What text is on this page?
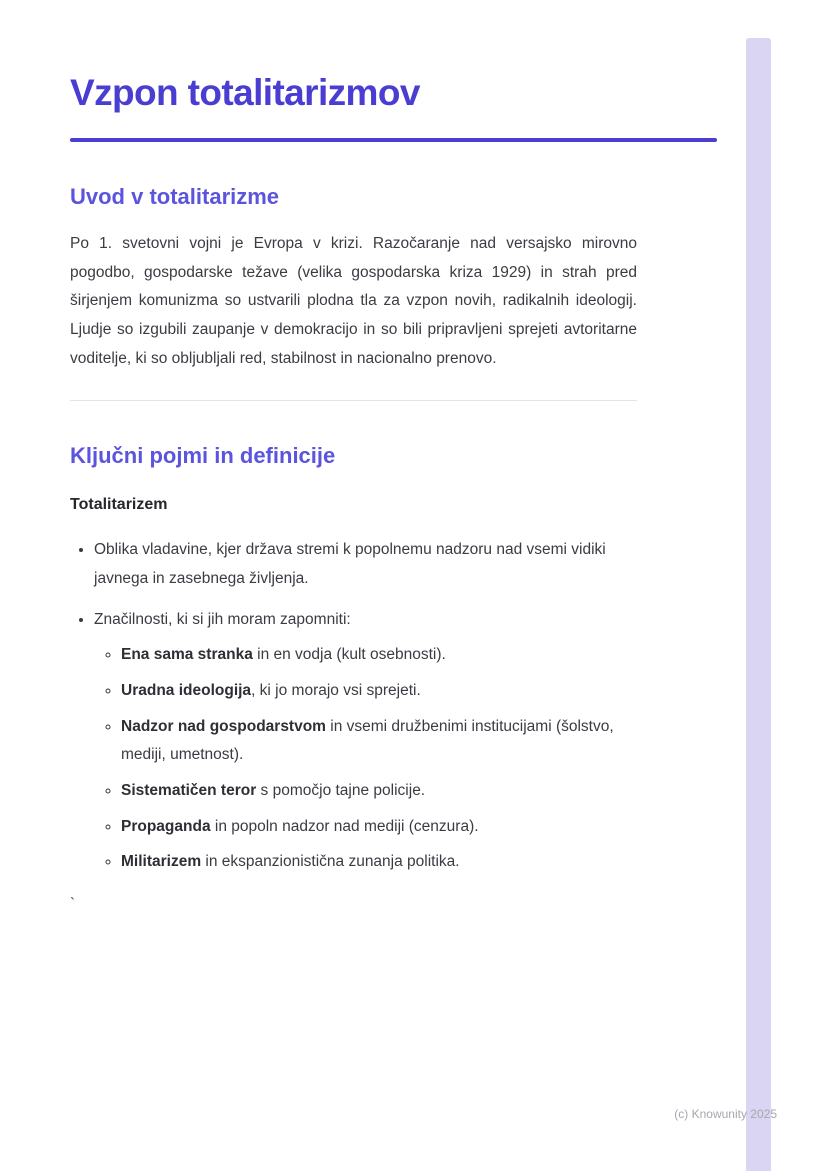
Vzpon totalitarizmov
Uvod v totalitarizme

Po 1. svetovni vojni je Evropa v krizi. Razočaranje nad versajsko mirovno pogodbo, gospodarske težave (velika gospodarska kriza 1929) in strah pred širjenjem komunizma so ustvarili plodna tla za vzpon novih, radikalnih ideologij. Ljudje so izgubili zaupanje v demokracijo in so bili pripravljeni sprejeti avtoritarne voditelje, ki so obljubljali red, stabilnost in nacionalno prenovo.

Ključni pojmi in definicije
Totalitarizem
• Oblika vladavine, kjer država stremi k popolnemu nadzoru nad vsemi vidiki javnega in zasebnega življenja.
• Značilnosti, ki si jih moram zapomniti:
◦ Ena sama stranka in en vodja (kult osebnosti).
◦ Uradna ideologija, ki jo morajo vsi sprejeti.
◦ Nadzor nad gospodarstvom in vsemi družbenimi institucijami (šolstvo, mediji, umetnost).
◦ Sistematičen teror s pomočjo tajne policije.
◦ Propaganda in popoln nadzor nad mediji (cenzura).
◦ Militarizem in ekspanzionistična zunanja politika.
`
(c) Knowunity 2025
